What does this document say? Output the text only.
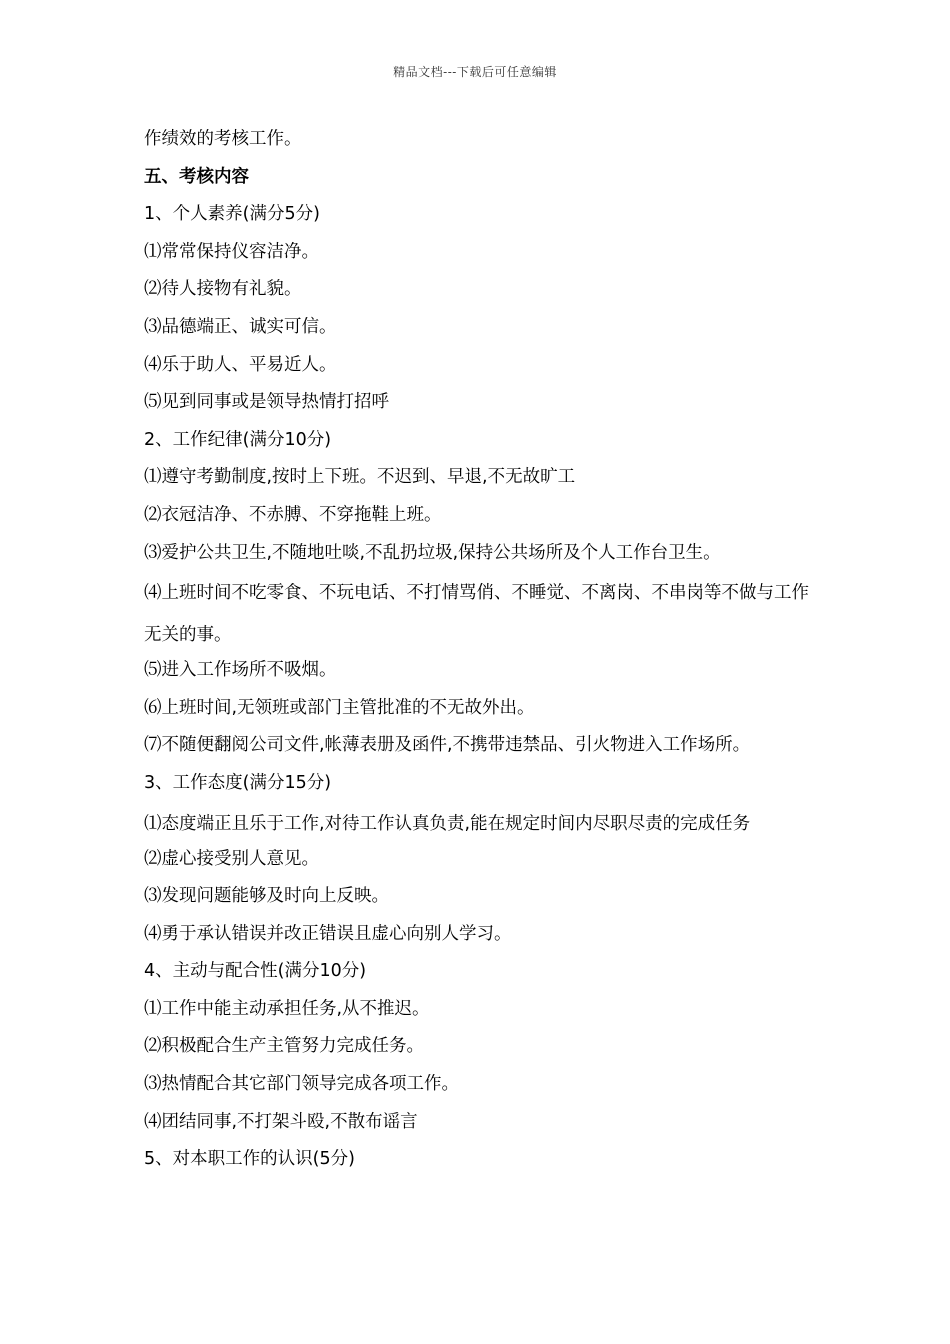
精品文档---下载后可任意编辑
作绩效的考核工作。
五、考核内容
1、个人素养(满分5分)
⑴常常保持仪容洁净。
⑵待人接物有礼貌。
⑶品德端正、诚实可信。
⑷乐于助人、平易近人。
⑸见到同事或是领导热情打招呼
2、工作纪律(满分10分)
⑴遵守考勤制度,按时上下班。不迟到、早退,不无故旷工
⑵衣冠洁净、不赤膊、不穿拖鞋上班。
⑶爱护公共卫生,不随地吐啖,不乱扔垃圾,保持公共场所及个人工作台卫生。
⑷上班时间不吃零食、不玩电话、不打情骂俏、不睡觉、不离岗、不串岗等不做与工作无关的事。
⑸进入工作场所不吸烟。
⑹上班时间,无领班或部门主管批准的不无故外出。
⑺不随便翻阅公司文件,帐薄表册及函件,不携带违禁品、引火物进入工作场所。
3、工作态度(满分15分)
⑴态度端正且乐于工作,对待工作认真负责,能在规定时间内尽职尽责的完成任务
⑵虚心接受别人意见。
⑶发现问题能够及时向上反映。
⑷勇于承认错误并改正错误且虚心向别人学习。
4、主动与配合性(满分10分)
⑴工作中能主动承担任务,从不推迟。
⑵积极配合生产主管努力完成任务。
⑶热情配合其它部门领导完成各项工作。
⑷团结同事,不打架斗殴,不散布谣言
5、对本职工作的认识(5分)
